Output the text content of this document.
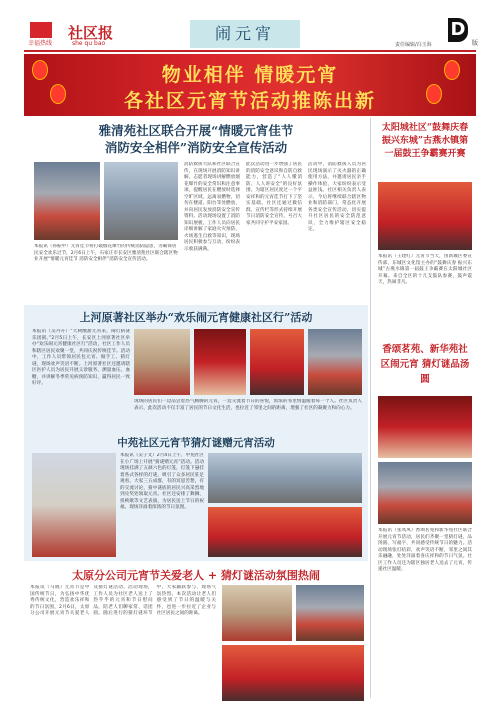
幸福热线
社区报
she qu bao
闹元宵
责任编辑/冯玉海
D
版
物业相伴 情暖元宵
各社区元宵节活动推陈出新
雅清苑社区联合开展“情暖元宵佳节
消防安全相伴”消防安全宣传活动
本报讯（孙振中）元宵佳节将打破烟花爆竹的传统消防隐患，为确保居民安全欢乐过节，2月6日上午，石家庄市长安区雅清苑社区联合辖区物业开展“情暖元宵佳节 消防安全相伴”消防安全宣传活动。
消防救援大队和社区联合宣传，在现场开展消防知识讲解，志愿者现场讲解燃放烟花爆竹的安全常识和注意事项，提醒居民在燃放时选择空旷区域，远离易燃物，切勿在楼道、阳台等处燃放，并向居民发放消防安全宣传资料。活动现场设置了消防知识展板，工作人员向居民详细讲解了家庭火灾预防、火场逃生自救等知识，现场居民积极参与互动，纷纷表示收获满满。
此次活动进一步增强了居民的消防安全意识和自防自救能力，营造了“人人懂消防、人人讲安全”的良好氛围，为辖区居民度过一个平安祥和的元宵佳节打下了坚实基础。社区还通过微信群、宣传栏等形式持续开展节日消防安全宣传，号召大家共同守护平安家园。
活动中，消防救援人员为居民现场演示了灭火器的正确使用方法，并邀请居民亲手操作体验，大家纷纷表示受益匪浅。社区相关负责人表示，今后将继续联合辖区物业和消防部门，常态化开展各类安全宣传活动，切实提升社区居民的安全防范意识，全力维护辖区安全稳定。
上河原著社区举办“欢乐闹元宵健康社区行”活动
本报讯（吴丹卉）“大树酸甜元宵来，闹灯猜谜乐团圆。”2月5日上午，长安区上河原著社区举办“欢乐闹元宵健康社区行”活动，社区工作人员和辖区居民欢聚一堂，共同庆祝传统佳节。活动中，工作人员带领居民包元宵、做手工、猜灯谜，现场欢声笑语不断。上河原著社区还邀请辖区医护人员为居民开展义诊服务，测量血压、血糖，并讲解冬季常见病预防知识，赢得居民一致好评。
现场的居民们一边品尝着热气腾腾的元宵，一边交流着节日的喜悦，浓浓的邻里情温暖着每一个人。社区负责人表示，此次活动不仅丰富了居民的节日文化生活，也拉近了邻里之间的距离，增强了社区的凝聚力和向心力。
中苑社区元宵节猜灯谜赠元宵活动
本报讯（吴子文）2月4日上午，中苑社区在小广场上开展“猜谜赠元宵”活动。活动现场挂满了五颜六色的灯笼，灯笼下悬挂着各式各样的灯谜，吸引了众多居民驻足观看。大家三五成群，有的冥思苦想，有的交流讨论，猜中谜底的居民兴高采烈地到兑奖处领取元宵。社区还安排了舞狮、扭秧歌等文艺表演，为居民送上节日的祝福，现场洋溢着浓浓的节日氛围。
太原分公司元宵节关爱老人 + 猜灯谜活动氛围热闹
本报讯（马晓）元宵节是中国传统节日，为弘扬中华优秀传统文化，营造欢乐祥和的节日氛围，2月6日，太原分公司开展元宵节关爱老人及猜灯谜活动。活动现场，工作人员为社区老人送上了热乎乎的元宵和节日慰问品，陪老人们聊家常、话团圆。随后进行的猜灯谜环节中，大家踊跃参与，现场气氛热烈。本次活动让老人们感受到了节日的温暖与关怀，也进一步拉近了企业与社区居民之间的距离。
太阳城社区“鼓舞庆春 振兴东城”古燕水镇第一届鼓王争霸赛开赛
本报讯（王建红）元宵节当天，由新城区委宣传部、东城区文化馆主办的“鼓舞庆春 振兴东城”古燕水镇第一届鼓王争霸赛在太阳城社区开幕。来自全区的十几支鼓队参赛，鼓声震天，热闹非凡。
香颂茗苑、新华苑社区闹元宵 猜灯谜品汤圆
本报讯（张凤凤）香颂茗苑和新华苑社区联合开展元宵节活动，居民们齐聚一堂猜灯谜、品汤圆、写福字，共同感受传统节日的魅力。活动现场张灯结彩，欢声笑语不断，邻里之间其乐融融，处处洋溢着喜庆祥和的节日气氛。社区工作人员还为辖区独居老人送去了元宵，传递社区温暖。
